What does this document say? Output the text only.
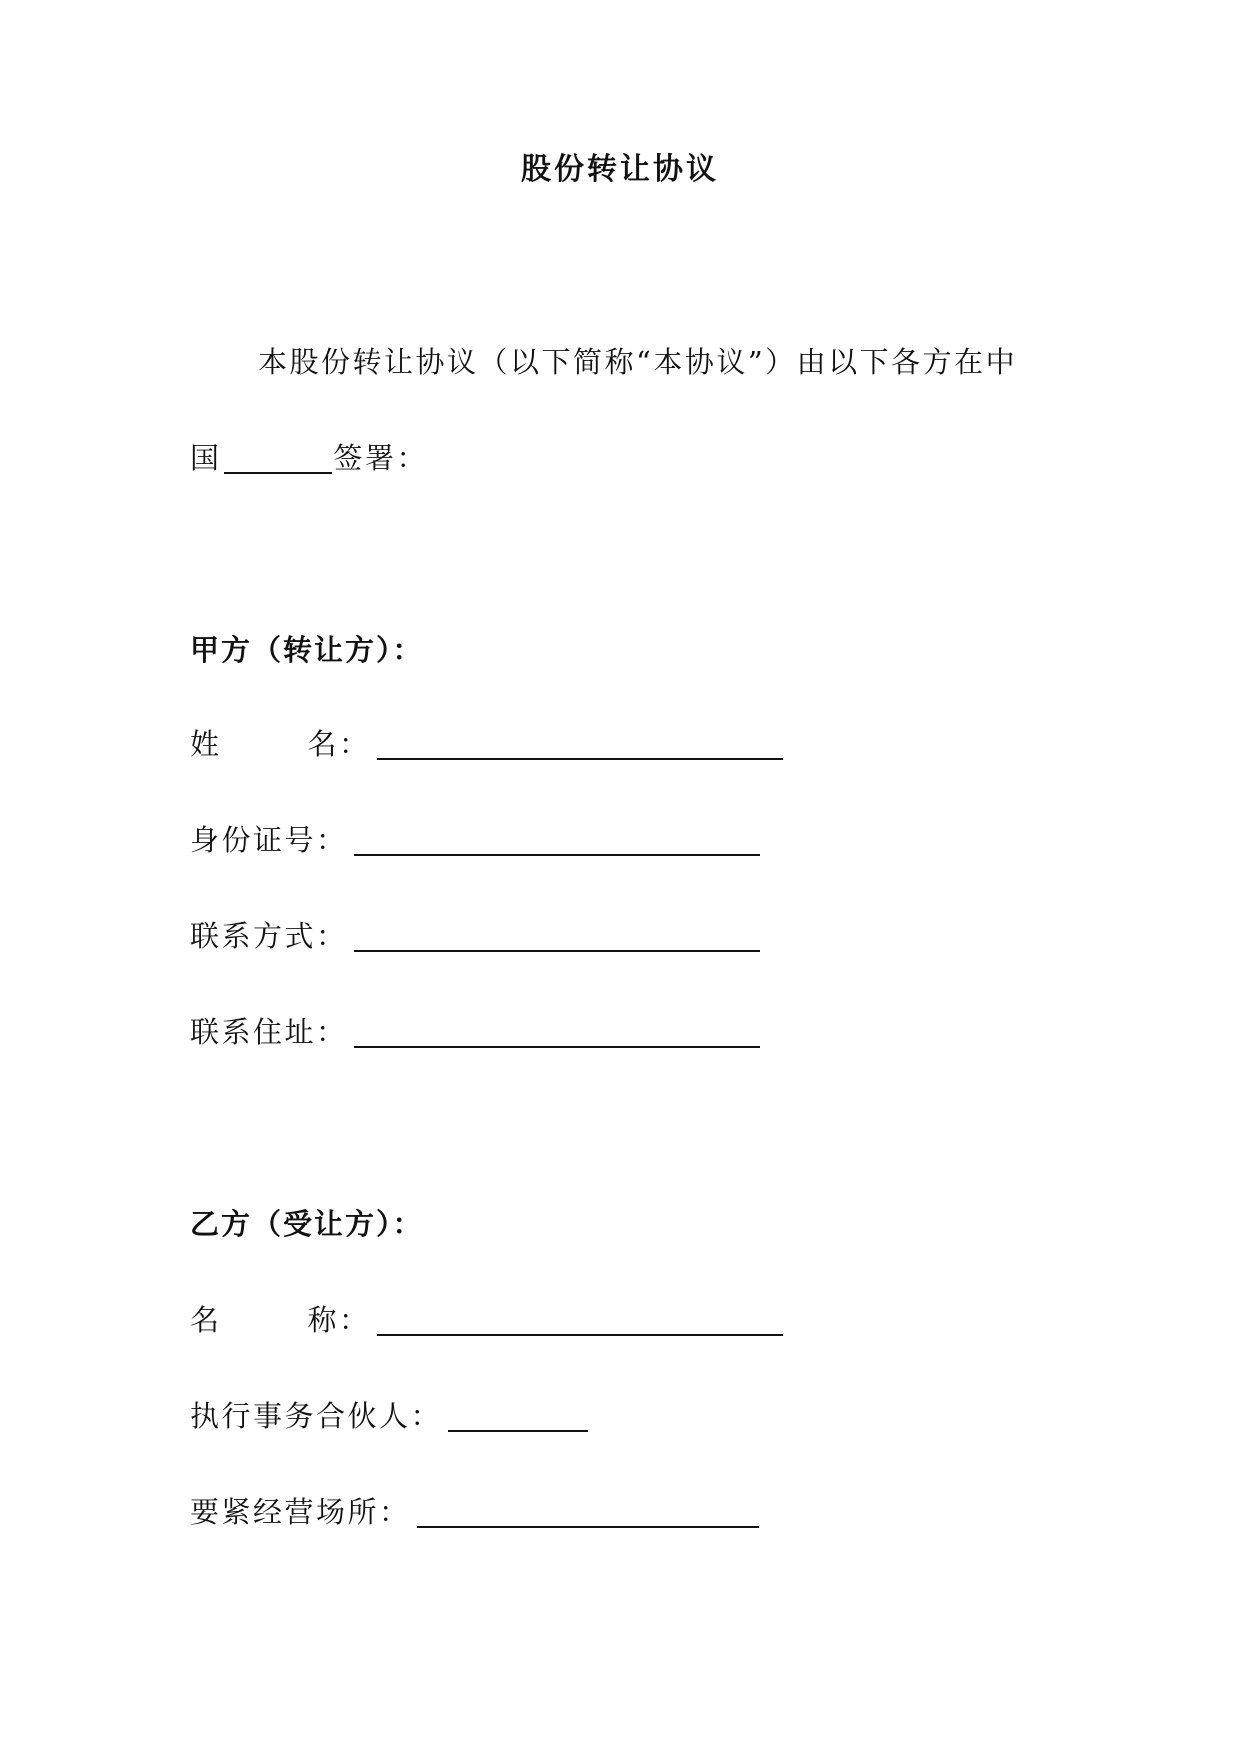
股份转让协议
本股份转让协议（以下简称“本协议”）由以下各方在中
国	签署：
甲方（转让方）：
姓	名：
身份证号：
联系方式：
联系住址：
乙方（受让方）：
名	称：
执行事务合伙人：
要紧经营场所：
